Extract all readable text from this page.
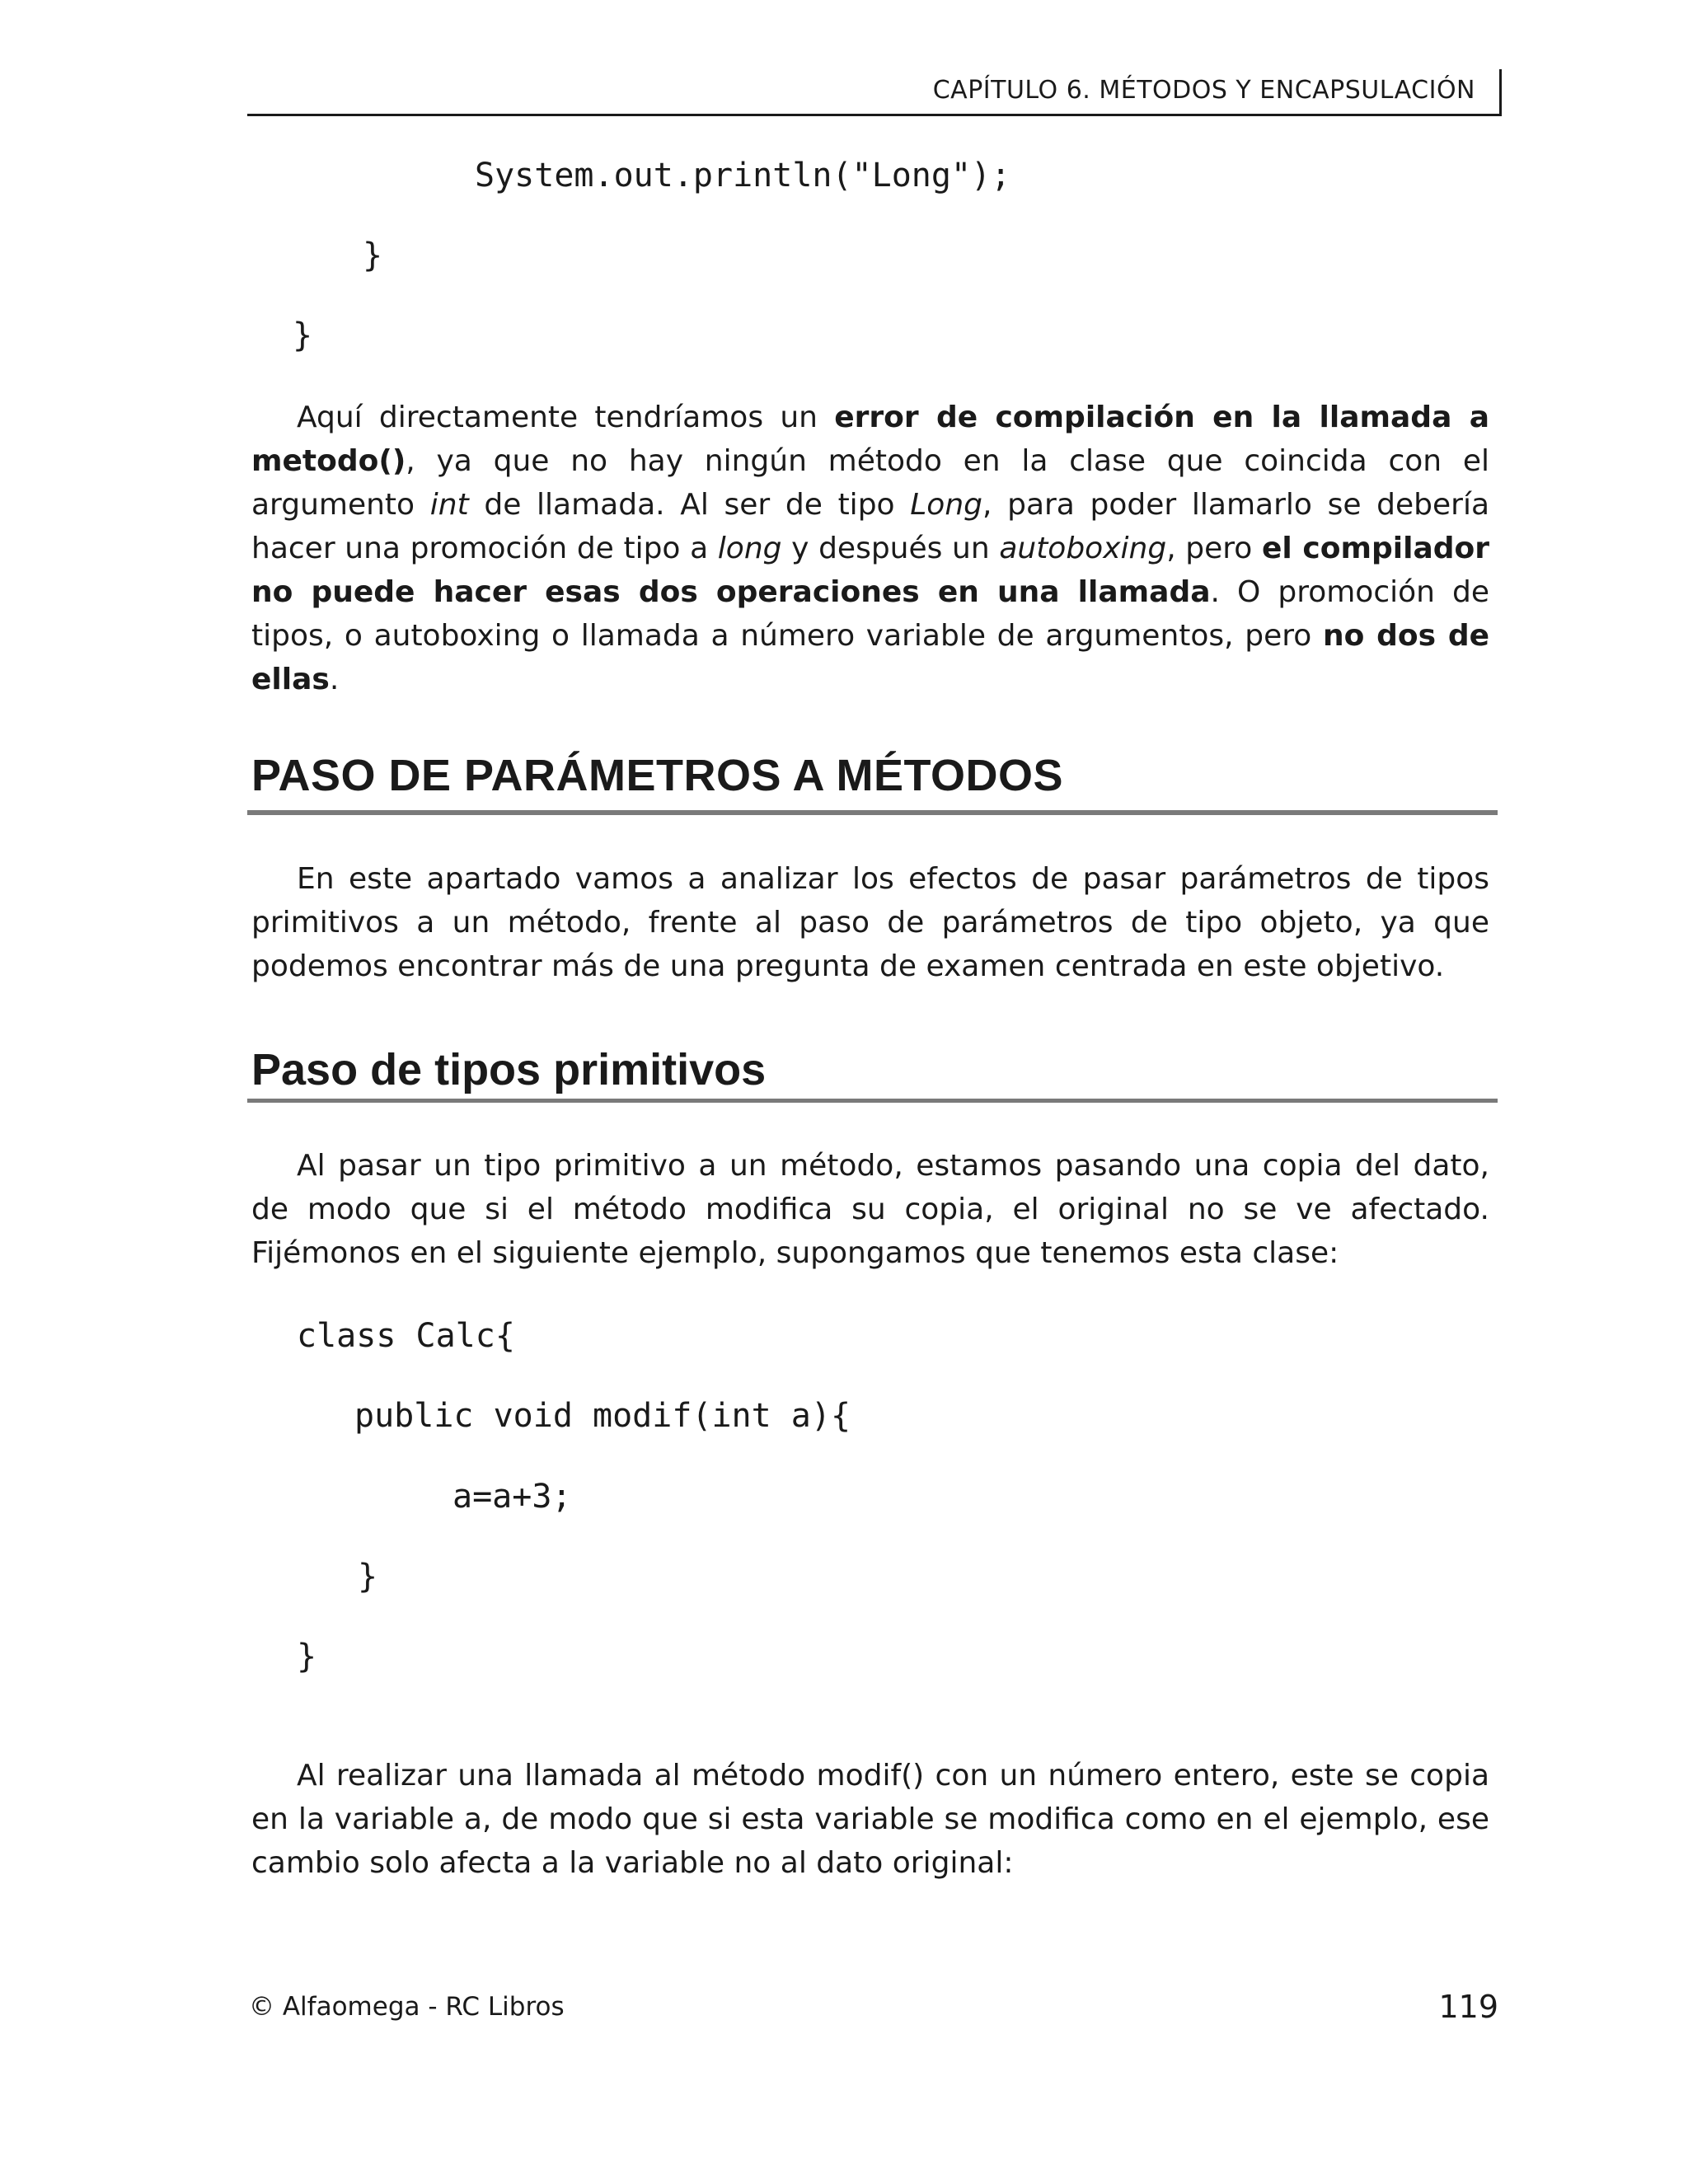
CAPÍTULO 6. MÉTODOS Y ENCAPSULACIÓN
System.out.println("Long");
}
}
Aquí directamente tendríamos un error de compilación en la llamada a metodo(), ya que no hay ningún método en la clase que coincida con el argumento int de llamada. Al ser de tipo Long, para poder llamarlo se debería hacer una promoción de tipo a long y después un autoboxing, pero el compilador no puede hacer esas dos operaciones en una llamada. O promoción de tipos, o autoboxing o llamada a número variable de argumentos, pero no dos de ellas.
PASO DE PARÁMETROS A MÉTODOS
En este apartado vamos a analizar los efectos de pasar parámetros de tipos primitivos a un método, frente al paso de parámetros de tipo objeto, ya que podemos encontrar más de una pregunta de examen centrada en este objetivo.
Paso de tipos primitivos
Al pasar un tipo primitivo a un método, estamos pasando una copia del dato, de modo que si el método modifica su copia, el original no se ve afectado. Fijémonos en el siguiente ejemplo, supongamos que tenemos esta clase:
class Calc{
public void modif(int a){
a=a+3;
}
}
Al realizar una llamada al método modif() con un número entero, este se copia en la variable a, de modo que si esta variable se modifica como en el ejemplo, ese cambio solo afecta a la variable no al dato original:
© Alfaomega - RC Libros	119
